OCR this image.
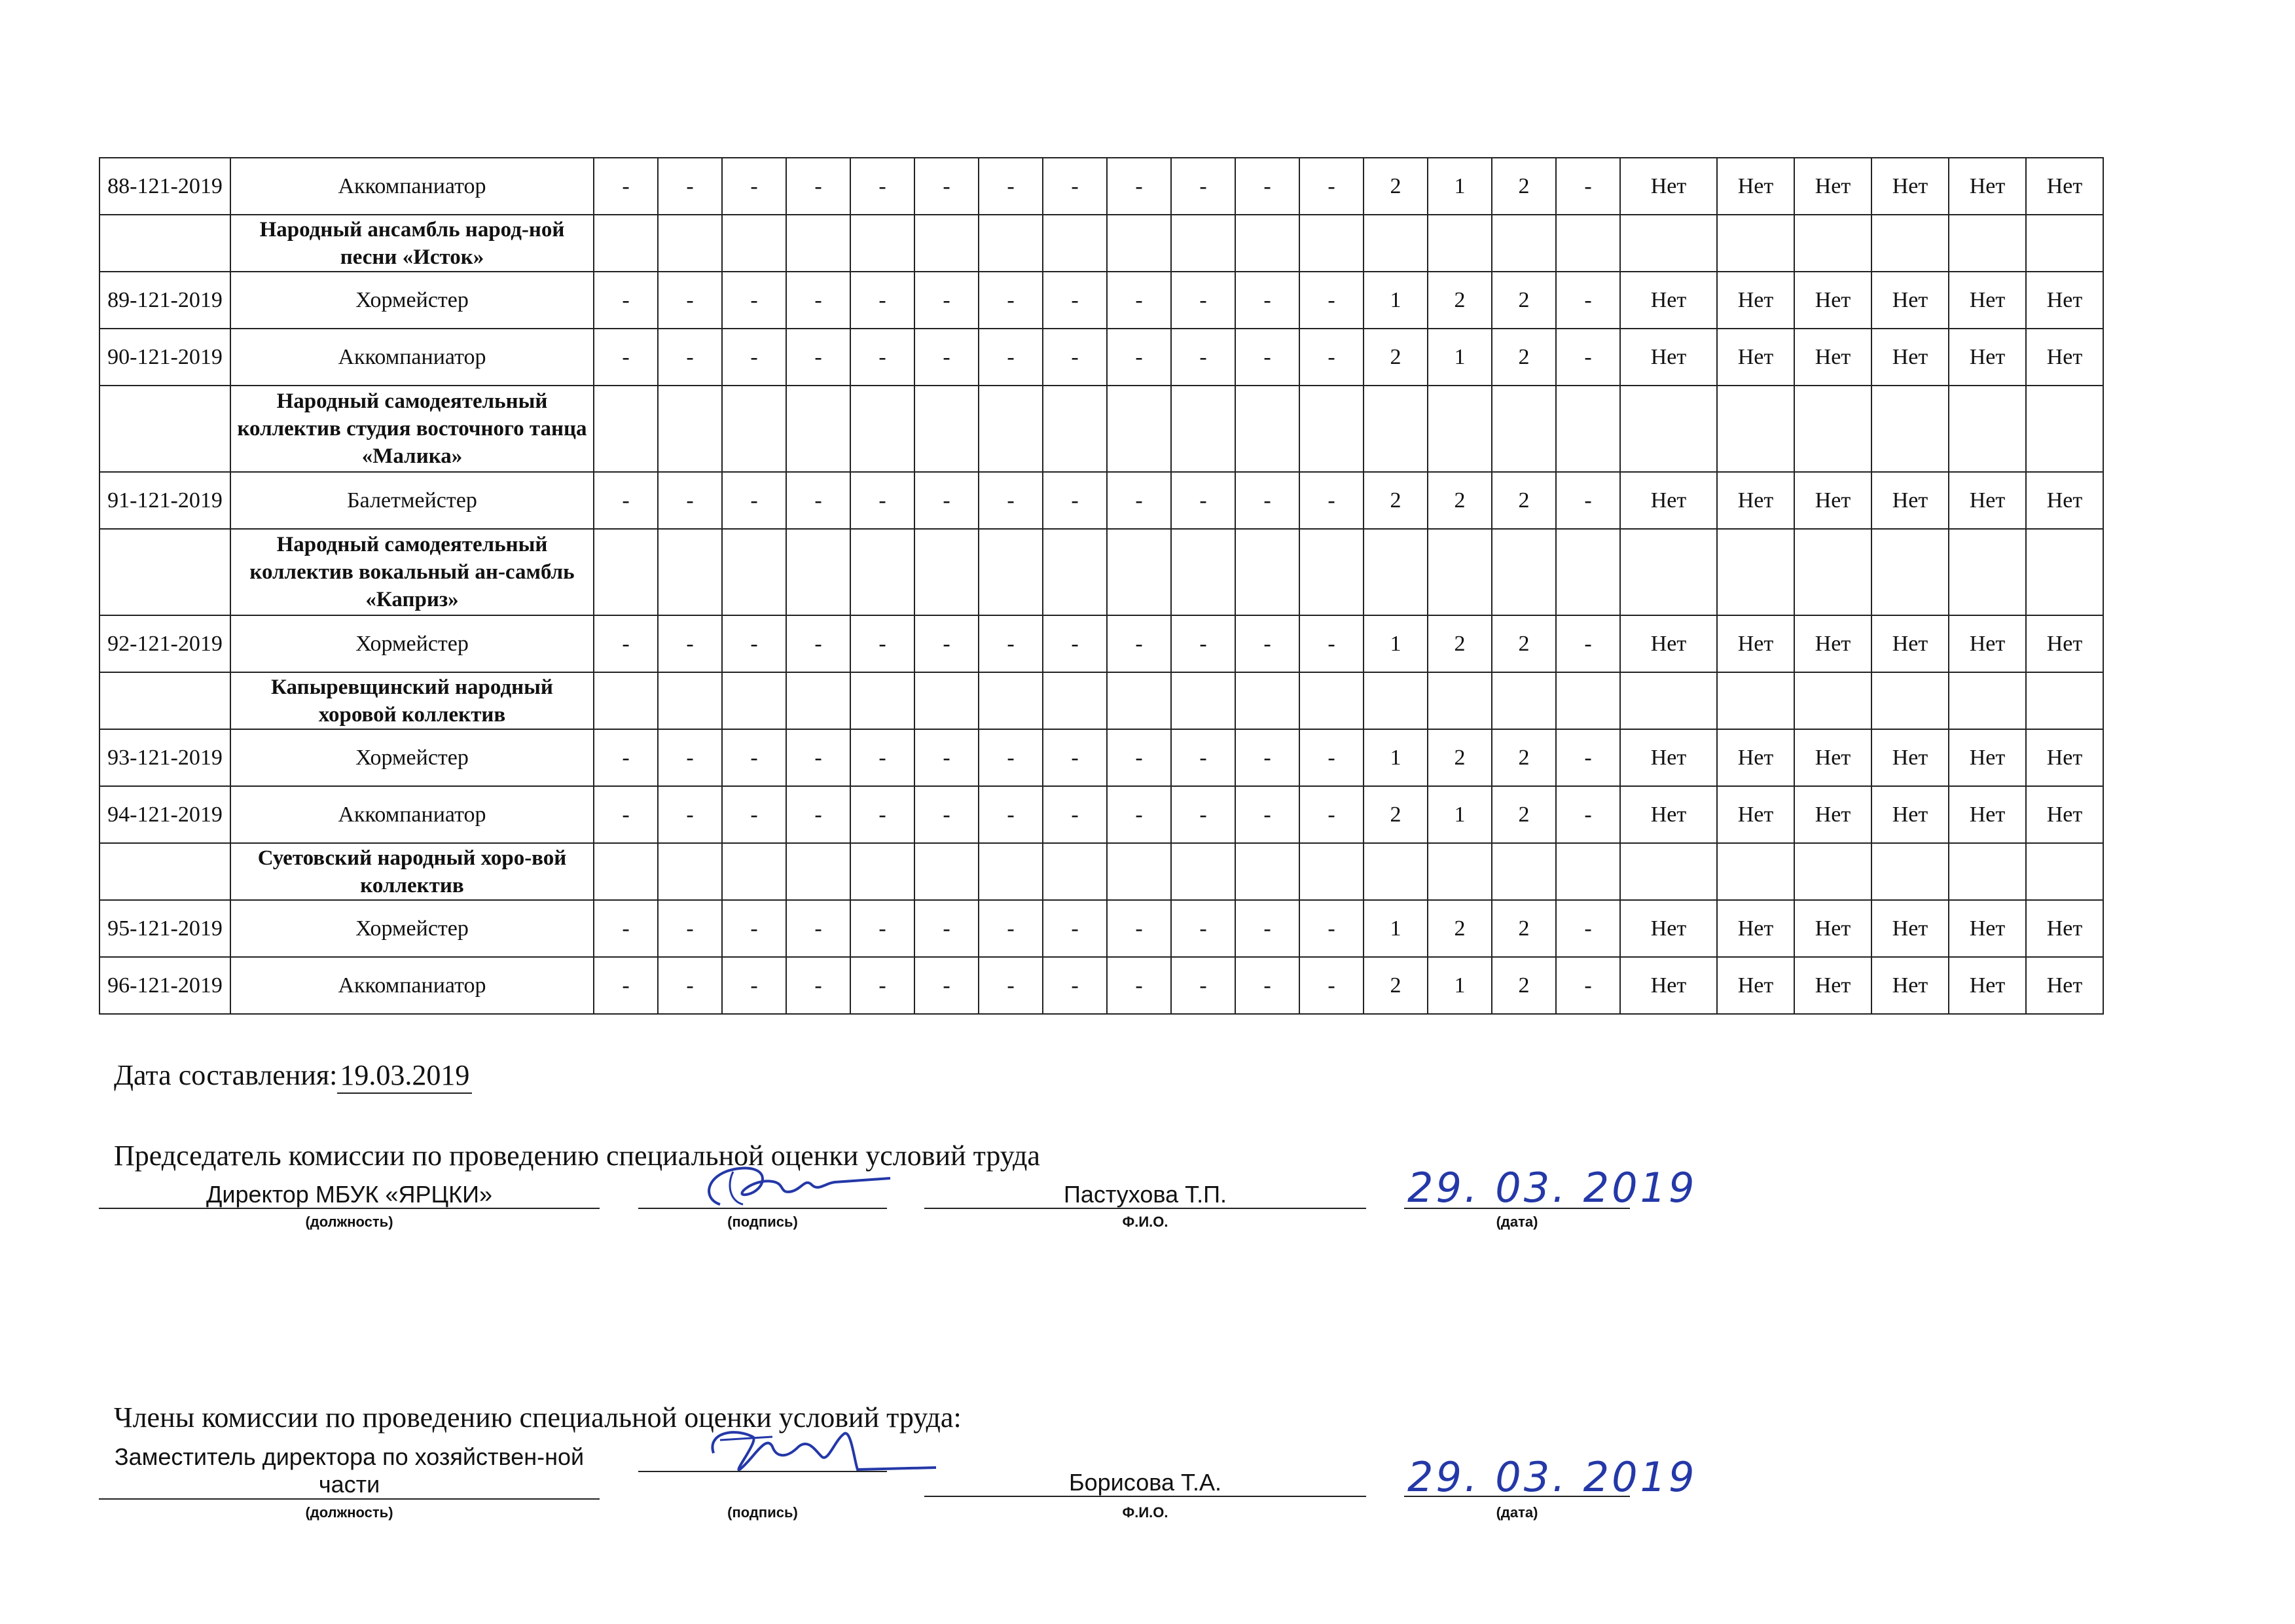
88-121-2019	Аккомпаниатор	-	-	-	-	-	-	-	-	-	-	-	-	2	1	2	-	Нет	Нет	Нет	Нет	Нет	Нет
	Народный ансамбль народ-ной песни «Исток»																						
89-121-2019	Хормейстер	-	-	-	-	-	-	-	-	-	-	-	-	1	2	2	-	Нет	Нет	Нет	Нет	Нет	Нет
90-121-2019	Аккомпаниатор	-	-	-	-	-	-	-	-	-	-	-	-	2	1	2	-	Нет	Нет	Нет	Нет	Нет	Нет
	Народный самодеятельный коллектив студия восточного танца «Малика»																						
91-121-2019	Балетмейстер	-	-	-	-	-	-	-	-	-	-	-	-	2	2	2	-	Нет	Нет	Нет	Нет	Нет	Нет
	Народный самодеятельный коллектив вокальный ан-самбль «Каприз»																						
92-121-2019	Хормейстер	-	-	-	-	-	-	-	-	-	-	-	-	1	2	2	-	Нет	Нет	Нет	Нет	Нет	Нет
	Капыревщинский народный хоровой коллектив																						
93-121-2019	Хормейстер	-	-	-	-	-	-	-	-	-	-	-	-	1	2	2	-	Нет	Нет	Нет	Нет	Нет	Нет
94-121-2019	Аккомпаниатор	-	-	-	-	-	-	-	-	-	-	-	-	2	1	2	-	Нет	Нет	Нет	Нет	Нет	Нет
	Суетовский народный хоро-вой коллектив																						
95-121-2019	Хормейстер	-	-	-	-	-	-	-	-	-	-	-	-	1	2	2	-	Нет	Нет	Нет	Нет	Нет	Нет
96-121-2019	Аккомпаниатор	-	-	-	-	-	-	-	-	-	-	-	-	2	1	2	-	Нет	Нет	Нет	Нет	Нет	Нет
Дата составления:19.03.2019
Председатель комиссии по проведению специальной оценки условий труда
Директор МБУК «ЯРЦКИ»	Пастухова Т.П.	29. 03. 2019
(должность)	(подпись)	Ф.И.О.	(дата)
Члены комиссии по проведению специальной оценки условий труда:
Заместитель директора по хозяйствен-ной части	Борисова Т.А.	29. 03. 2019
(должность)	(подпись)	Ф.И.О.	(дата)
